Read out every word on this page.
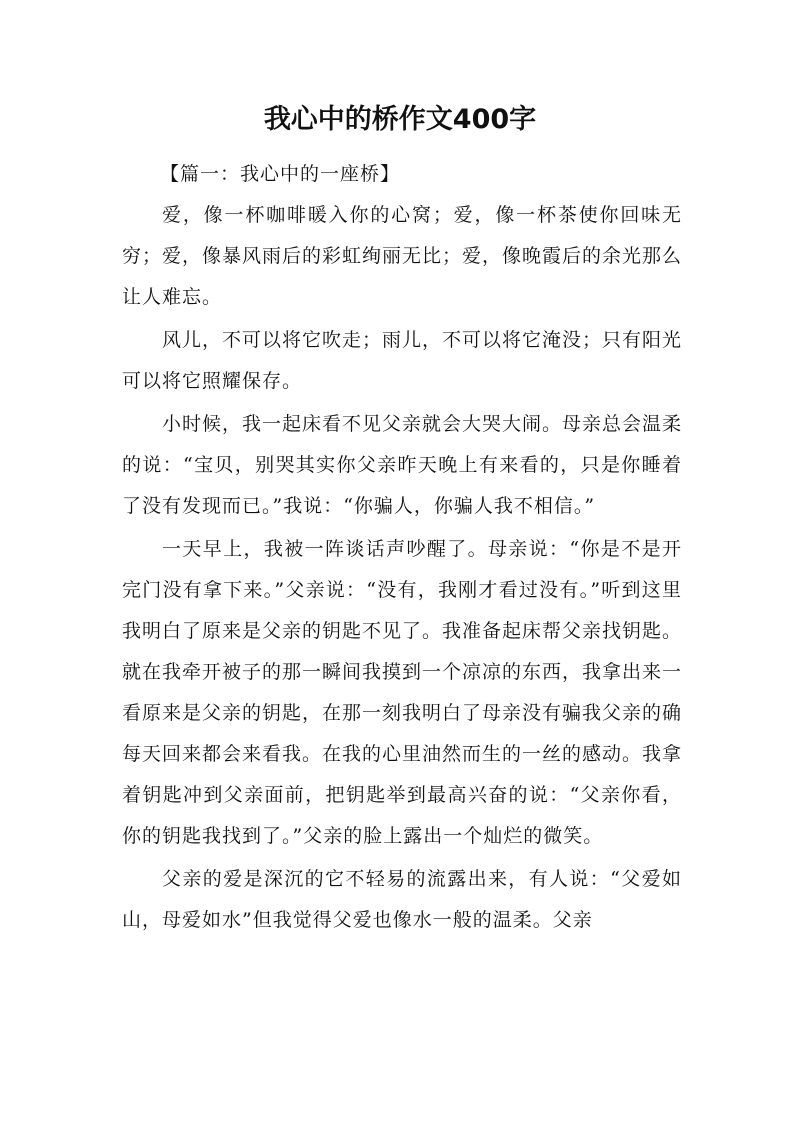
我心中的桥作文400字

【篇一：我心中的一座桥】

爱，像一杯咖啡暖入你的心窝；爱，像一杯茶使你回味无穷；爱，像暴风雨后的彩虹绚丽无比；爱，像晚霞后的余光那么让人难忘。

风儿，不可以将它吹走；雨儿，不可以将它淹没；只有阳光可以将它照耀保存。

小时候，我一起床看不见父亲就会大哭大闹。母亲总会温柔的说：“宝贝，别哭其实你父亲昨天晚上有来看的，只是你睡着了没有发现而已。”我说：“你骗人，你骗人我不相信。”

一天早上，我被一阵谈话声吵醒了。母亲说：“你是不是开完门没有拿下来。”父亲说：“没有，我刚才看过没有。”听到这里我明白了原来是父亲的钥匙不见了。我准备起床帮父亲找钥匙。就在我牵开被子的那一瞬间我摸到一个凉凉的东西，我拿出来一看原来是父亲的钥匙，在那一刻我明白了母亲没有骗我父亲的确每天回来都会来看我。在我的心里油然而生的一丝的感动。我拿着钥匙冲到父亲面前，把钥匙举到最高兴奋的说：“父亲你看，你的钥匙我找到了。”父亲的脸上露出一个灿烂的微笑。

父亲的爱是深沉的它不轻易的流露出来，有人说：“父爱如山，母爱如水”但我觉得父爱也像水一般的温柔。父亲
